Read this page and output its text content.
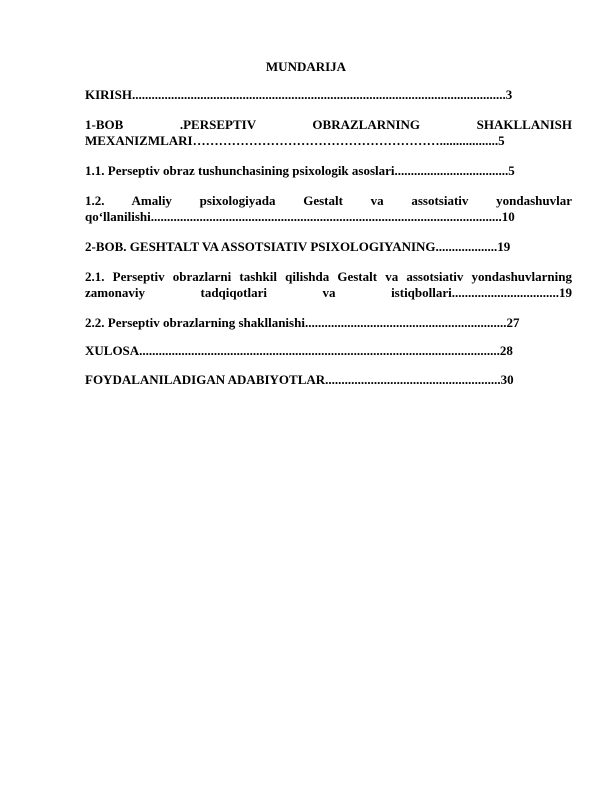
MUNDARIJA
KIRISH...................................................................................................................3
1-BOB .PERSEPTIV OBRAZLARNING SHAKLLANISH
MEXANIZMLARI…………………………………………………..................5
1.1. Perseptiv obraz tushunchasining psixologik asoslari...................................5
1.2. Amaliy psixologiyada Gestalt va assotsiativ yondashuvlar
qo‘llanilishi............................................................................................................10
2-BOB. GESHTALT VA ASSOTSIATIV PSIXOLOGIYANING...................19
2.1. Perseptiv obrazlarni tashkil qilishda Gestalt va assotsiativ yondashuvlarning
zamonaviy tadqiqotlari va istiqbollari.................................19
2.2. Perseptiv obrazlarning shakllanishi..............................................................27
XULOSA...............................................................................................................28
FOYDALANILADIGAN ADABIYOTLAR......................................................30
